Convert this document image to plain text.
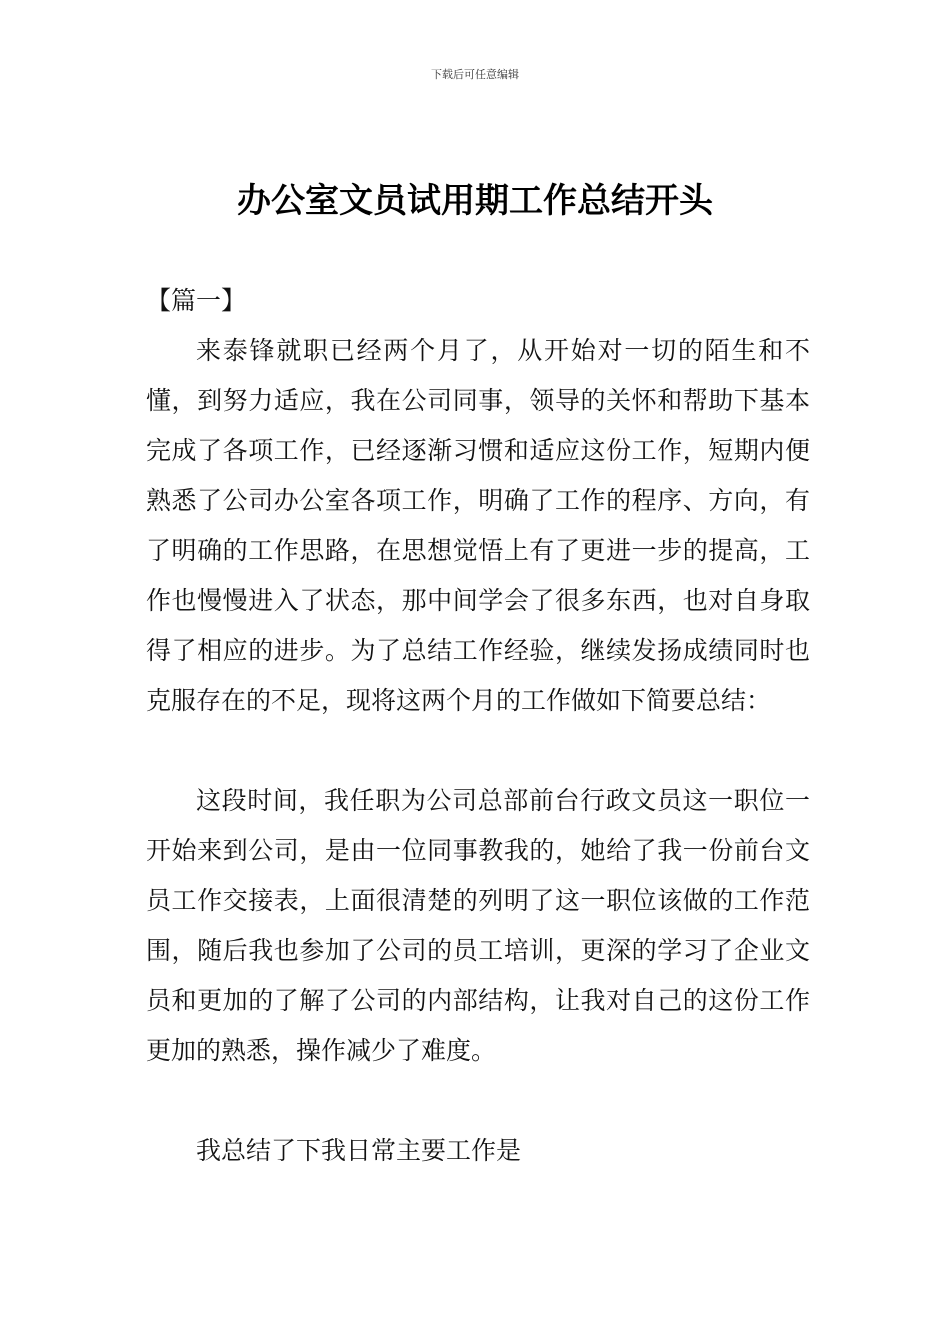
下载后可任意编辑
办公室文员试用期工作总结开头

【篇一】

来泰锋就职已经两个月了，从开始对一切的陌生和不懂，到努力适应，我在公司同事，领导的关怀和帮助下基本完成了各项工作，已经逐渐习惯和适应这份工作，短期内便熟悉了公司办公室各项工作，明确了工作的程序、方向，有了明确的工作思路，在思想觉悟上有了更进一步的提高，工作也慢慢进入了状态，那中间学会了很多东西，也对自身取得了相应的进步。为了总结工作经验，继续发扬成绩同时也克服存在的不足，现将这两个月的工作做如下简要总结：

这段时间，我任职为公司总部前台行政文员这一职位一开始来到公司，是由一位同事教我的，她给了我一份前台文员工作交接表，上面很清楚的列明了这一职位该做的工作范围，随后我也参加了公司的员工培训，更深的学习了企业文员和更加的了解了公司的内部结构，让我对自己的这份工作更加的熟悉，操作减少了难度。

我总结了下我日常主要工作是
